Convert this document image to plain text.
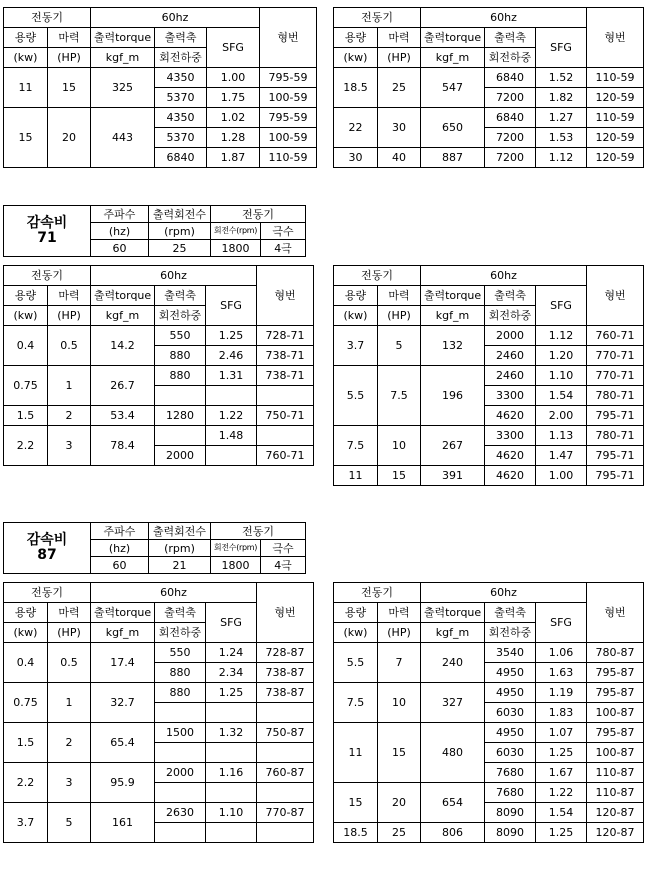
전동기		60hz			형번
용량	마력	출력torque	출력축	SFG	
(kw)	(HP)	kgf_m	회전하중		
11	15	325	4350	1.00	795-59
			5370	1.75	100-59
15	20	443	4350	1.02	795-59
			5370	1.28	100-59
			6840	1.87	110-59
전동기		60hz			형번
용량	마력	출력torque	출력축	SFG	
(kw)	(HP)	kgf_m	회전하중		
18.5	25	547	6840	1.52	110-59
			7200	1.82	120-59
22	30	650	6840	1.27	110-59
			7200	1.53	120-59
30	40	887	7200	1.12	120-59
감속비
71	주파수	출력회전수	전동기	
	(hz)	(rpm)	회전수(rpm)	극수
	60	25	1800	4극
전동기		60hz			형번
용량	마력	출력torque	출력축	SFG	
(kw)	(HP)	kgf_m	회전하중		
0.4	0.5	14.2	550	1.25	728-71
			880	2.46	738-71
0.75	1	26.7	880	1.31	738-71

1.5	2	53.4	1280	1.22	750-71
2.2	3	78.4		1.48	
			2000		760-71
전동기		60hz			형번
용량	마력	출력torque	출력축	SFG	
(kw)	(HP)	kgf_m	회전하중		
3.7	5	132	2000	1.12	760-71
			2460	1.20	770-71
5.5	7.5	196	2460	1.10	770-71
			3300	1.54	780-71
			4620	2.00	795-71
7.5	10	267	3300	1.13	780-71
			4620	1.47	795-71
11	15	391	4620	1.00	795-71
감속비
87	주파수	출력회전수	전동기	
	(hz)	(rpm)	회전수(rpm)	극수
	60	21	1800	4극
전동기		60hz			형번
용량	마력	출력torque	출력축	SFG	
(kw)	(HP)	kgf_m	회전하중		
0.4	0.5	17.4	550	1.24	728-87
			880	2.34	738-87
0.75	1	32.7	880	1.25	738-87

1.5	2	65.4	1500	1.32	750-87

2.2	3	95.9	2000	1.16	760-87

3.7	5	161	2630	1.10	770-87

전동기		60hz			형번
용량	마력	출력torque	출력축	SFG	
(kw)	(HP)	kgf_m	회전하중		
5.5	7	240	3540	1.06	780-87
			4950	1.63	795-87
7.5	10	327	4950	1.19	795-87
			6030	1.83	100-87
11	15	480	4950	1.07	795-87
			6030	1.25	100-87
			7680	1.67	110-87
15	20	654	7680	1.22	110-87
			8090	1.54	120-87
18.5	25	806	8090	1.25	120-87
